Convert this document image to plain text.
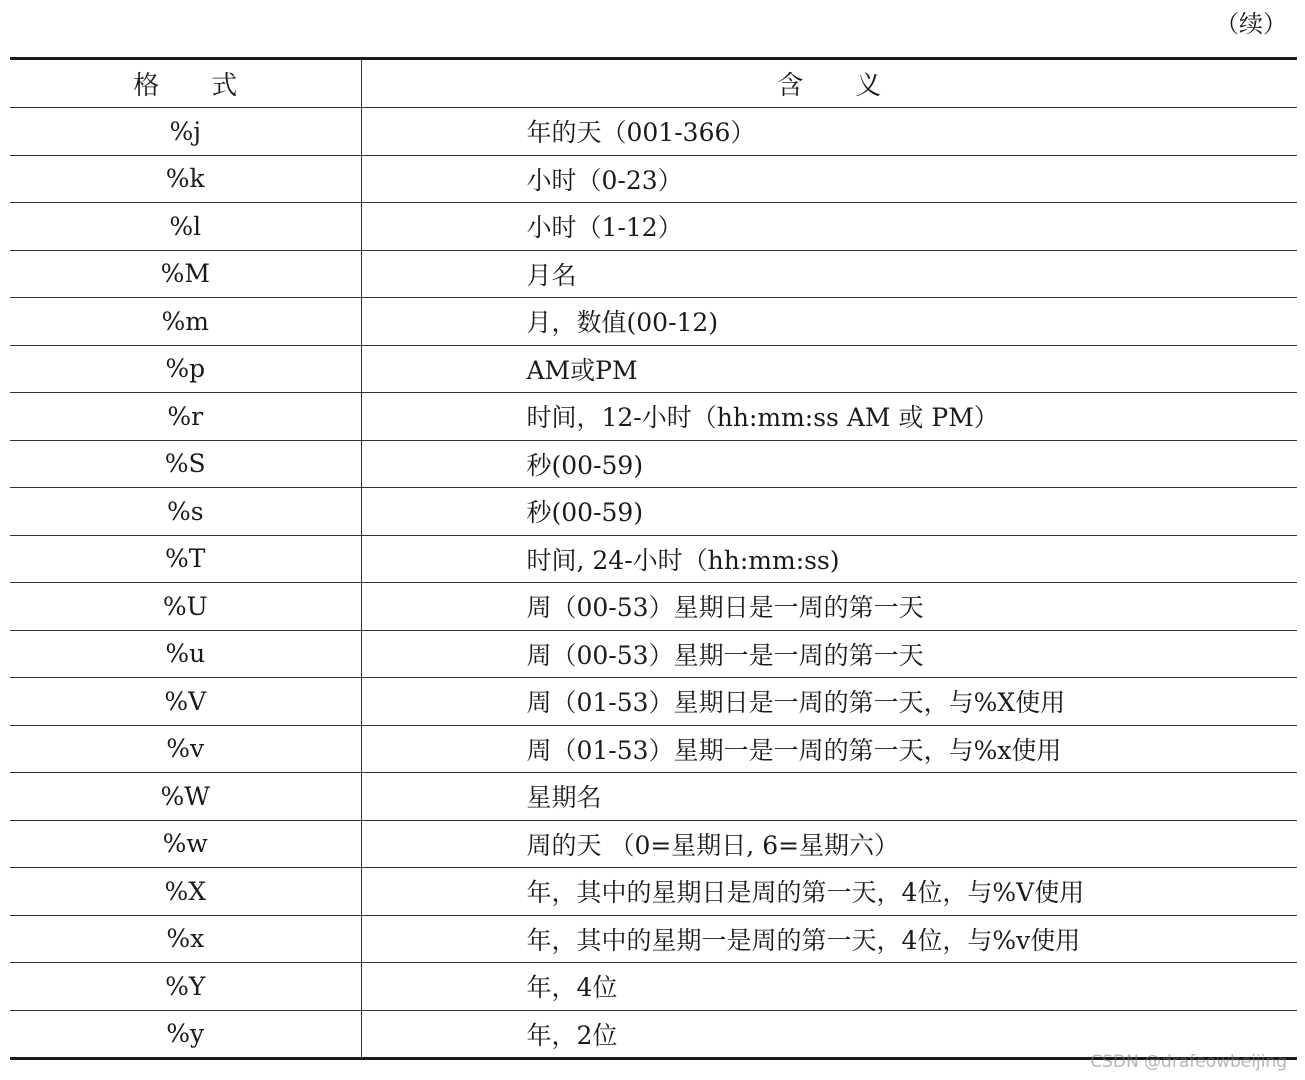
（续）
格　　式	含　　义
%j	年的天（001-366）
%k	小时（0-23）
%l	小时（1-12）
%M	月名
%m	月，数值(00-12)
%p	AM或PM
%r	时间，12-小时（hh:mm:ss AM 或 PM）
%S	秒(00-59)
%s	秒(00-59)
%T	时间, 24-小时（hh:mm:ss)
%U	周（00-53）星期日是一周的第一天
%u	周（00-53）星期一是一周的第一天
%V	周（01-53）星期日是一周的第一天，与%X使用
%v	周（01-53）星期一是一周的第一天，与%x使用
%W	星期名
%w	周的天 （0=星期日, 6=星期六）
%X	年，其中的星期日是周的第一天，4位，与%V使用
%x	年，其中的星期一是周的第一天，4位，与%v使用
%Y	年，4位
%y	年，2位
CSDN @drafeowbeijing
